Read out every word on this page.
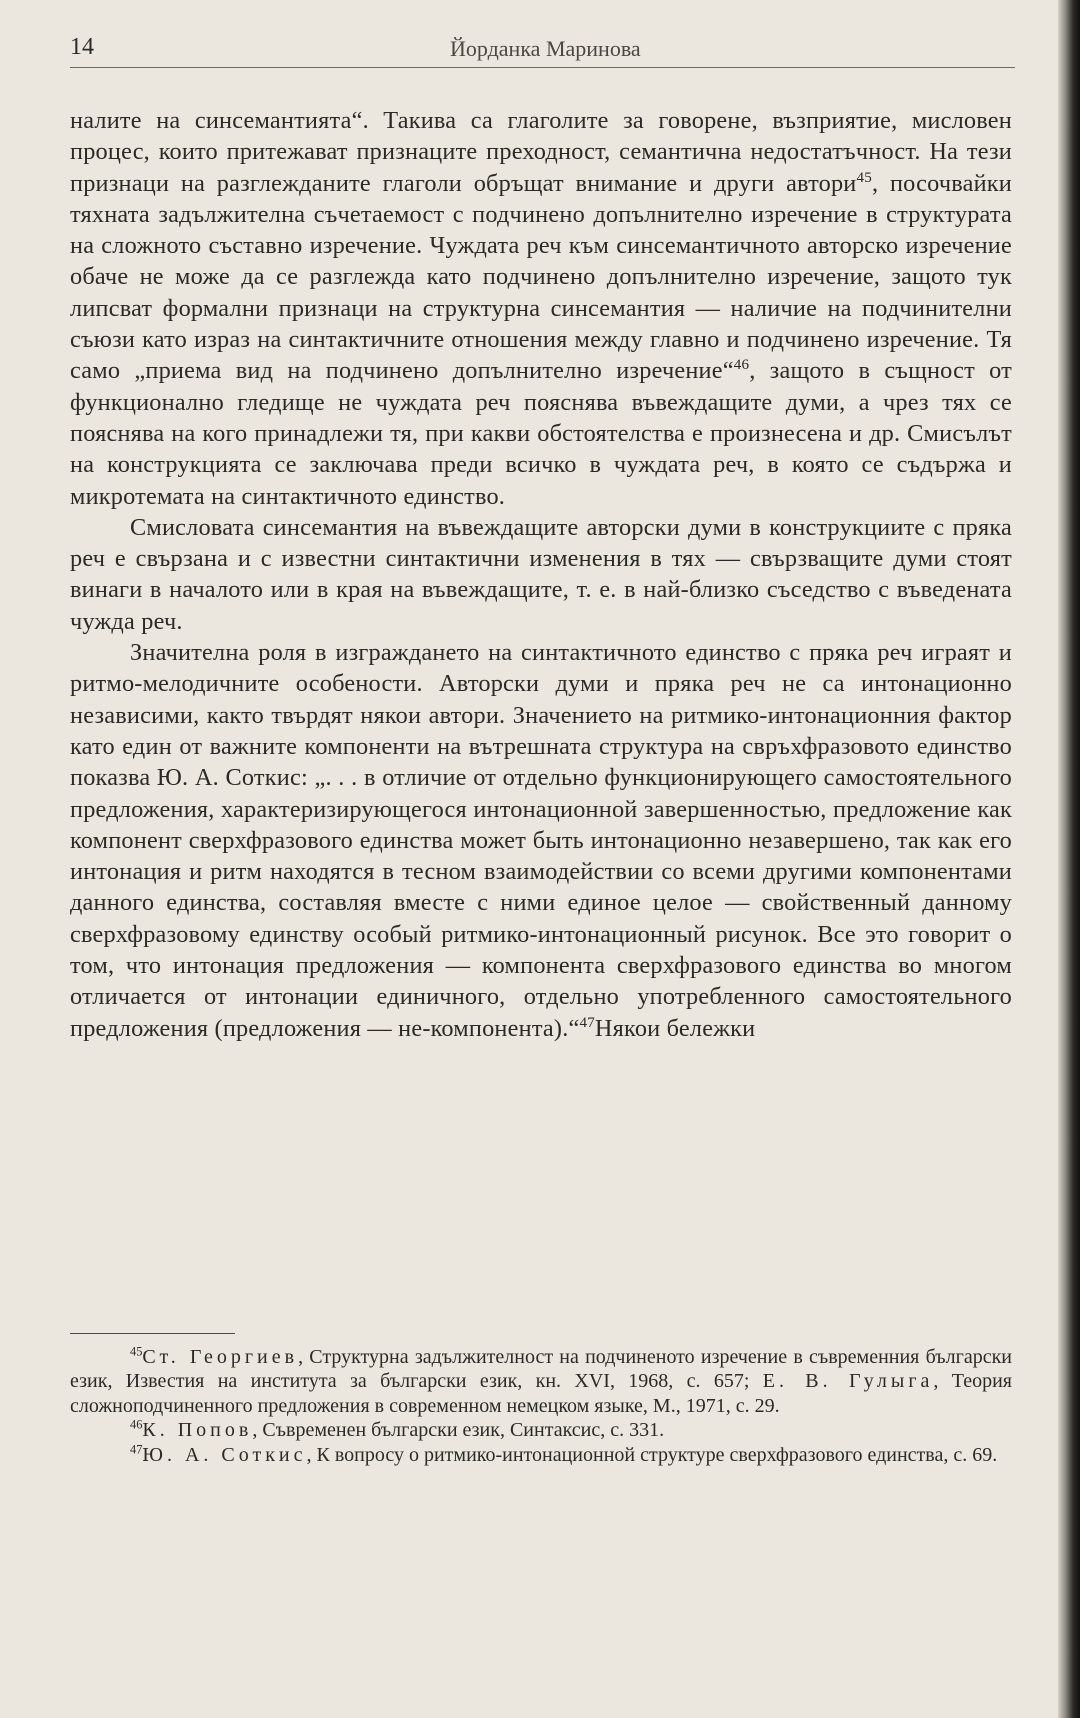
14	Йорданка Маринова

налите на синсемантията“. Такива са глаголите за говорене, възприятие, мисловен процес, които притежават признаците преходност, семантична недостатъчност. На тези признаци на разглежданите глаголи обръщат внимание и други автори$^{45}$, посочвайки тяхната задължителна съчетаемост с подчинено допълнително изречение в структурата на сложното съставно изречение. Чуждата реч към синсемантичното авторско изречение обаче не може да се разглежда като подчинено допълнително изречение, защото тук липсват формални признаци на структурна синсемантия — наличие на подчинителни съюзи като израз на синтактичните отношения между главно и подчинено изречение. Тя само „приема вид на подчинено допълнително изречение“$^{46}$, защото в същност от функционално гледище не чуждата реч пояснява въвеждащите думи, а чрез тях се пояснява на кого принадлежи тя, при какви обстоятелства е произнесена и др. Смисълът на конструкцията се заключава преди всичко в чуждата реч, в която се съдържа и микротемата на синтактичното единство.

Смисловата синсемантия на въвеждащите авторски думи в конструкциите с пряка реч е свързана и с известни синтактични изменения в тях — свързващите думи стоят винаги в началото или в края на въвеждащите, т. е. в най-близко съседство с въведената чужда реч.

Значителна роля в изграждането на синтактичното единство с пряка реч играят и ритмо-мелодичните особености. Авторски думи и пряка реч не са интонационно независими, както твърдят някои автори. Значението на ритмико-интонационния фактор като един от важните компоненти на вътрешната структура на свръхфразовото единство показва Ю. А. Соткис: „. . . в отличие от отдельно функционирующего самостоятельного предложения, характеризирующегося интонационной завершенностью, предложение как компонент сверхфразового единства может быть интонационно незавершено, так как его интонация и ритм находятся в тесном взаимодействии со всеми другими компонентами данного единства, составляя вместе с ними единое целое — свойственный данному сверхфразовому единству особый ритмико-интонационный рисунок. Все это говорит о том, что интонация предложения — компонента сверхфразового единства во многом отличается от интонации единичного, отдельно употребленного самостоятельного предложения (предложения — не-компонента).“$^{47}$Някои бележки

$^{45}$Ст. Георгиев, Структурна задължителност на подчиненото изречение в съвременния български език, Известия на института за български език, кн. XVI, 1968, с. 657; Е. В. Гулыга, Теория сложноподчиненного предложения в современном немецком языке, М., 1971, с. 29.

$^{46}$К. Попов, Съвременен български език, Синтаксис, с. 331.

$^{47}$Ю. А. Соткис, К вопросу о ритмико-интонационной структуре сверхфразового единства, с. 69.
